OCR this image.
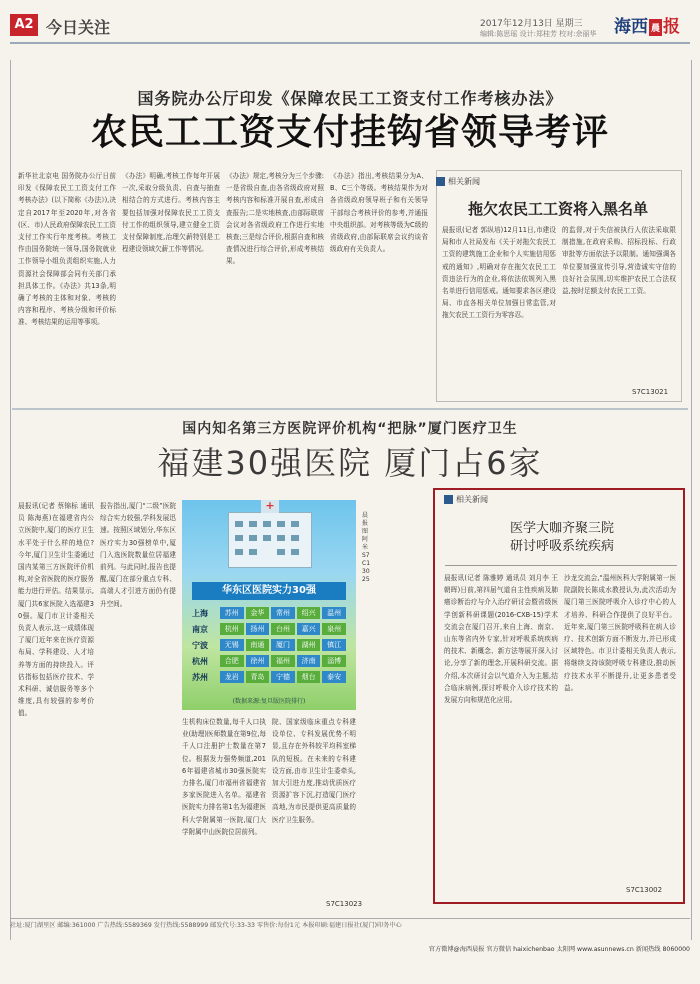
A2 今日关注	2017年12月13日 星期三
编辑:陈思瑶 设计:郑桂芳 校对:余丽华 海西 晨 报
国务院办公厅印发《保障农民工工资支付工作考核办法》
农民工工资支付挂钩省领导考评
新华社北京电 国务院办公厅日前印发《保障农民工工资支付工作考核办法》(以下简称《办法》),决定自2017年至2020年,对各省(区、市)人民政府保障农民工工资支付工作实行年度考核。考核工作由国务院统一领导,国务院就业工作领导小组负责组织实施,人力资源社会保障部会同有关部门承担具体工作。《办法》共13条,明确了考核的主体和对象、考核的内容和程序、考核分级和评价标准、考核结果的运用等事项。
《办法》明确,考核工作每年开展一次,采取分级负责、自查与抽查相结合的方式进行。考核内容主要包括加强对保障农民工工资支付工作的组织领导,建立健全工资支付保障制度,治理欠薪特别是工程建设领域欠薪工作等情况。
《办法》规定,考核分为三个步骤:一是省级自查,由各省级政府对照考核内容和标准开展自查,形成自查报告;二是实地核查,由部际联席会议对各省级政府工作进行实地核查;三是综合评价,根据自查和核查情况进行综合评价,形成考核结果。
《办法》指出,考核结果分为A、B、C三个等级。考核结果作为对各省级政府领导班子和有关领导干部综合考核评价的参考,并通报中央组织部。对考核等级为C级的省级政府,由部际联席会议约谈省级政府有关负责人。
相关新闻
拖欠农民工工资将入黑名单
晨报讯(记者 郭纵培)12月11日,市建设局和市人社局发布《关于对拖欠农民工工资的建筑施工企业和个人实施信用惩戒的通知》,明确对存在拖欠农民工工资违法行为的企业,将依法依规列入黑名单进行信用惩戒。通知要求各区建设局、市直各相关单位加强日常监管,对拖欠农民工工资行为零容忍。
的监督,对于失信被执行人依法采取限制措施,在政府采购、招标投标、行政审批等方面依法予以限制。通知强调各单位要加强宣传引导,营造诚实守信的良好社会氛围,切实维护农民工合法权益,按时足额支付农民工工资。
S7C13021
国内知名第三方医院评价机构“把脉”厦门医疗卫生
福建30强医院 厦门占6家
晨报讯(记者 蔡锦标 通讯员 陈海燕)在福建省内公立医院中,厦门的医疗卫生水平处于什么样的地位?今年,厦门卫生计生委通过国内某第三方医院评价机构,对全省医院的医疗服务能力进行评估。结果显示,厦门共6家医院入选福建30强。厦门市卫计委相关负责人表示,这一成绩体现了厦门近年来在医疗资源布局、学科建设、人才培养等方面的持续投入。评估指标包括医疗技术、学术科研、诚信服务等多个维度,具有较强的参考价值。
报告指出,厦门“二级”医院综合实力较强,学科发展迅速。按照区域划分,华东区医疗实力30强榜单中,厦门入选医院数量位居福建前列。与此同时,报告也提醒,厦门在部分重点专科、高端人才引进方面仍有提升空间。
生机构床位数量,每千人口执业(助理)医师数量在第9位,每千人口注册护士数量在第7位。根据发力强势频道,2016年福建省城市30强医院实力排名,厦门市福州省福建省多家医院进入名单。福建省医院实力排名第1名为福建医科大学附属第一医院,厦门大学附属中山医院位居前列。
院、国家级临床重点专科建设单位、专科发展优势不明显,且存在外科较平均科室梯队的短板。在未来的专科建设方面,由市卫生计生委牵头,加大引进力度,推动优质医疗资源扩容下沉,打造厦门医疗高地,为市民提供更高质量的医疗卫生服务。
S7C13023
+
华东区医院实力30强
上海	苏州	金华	常州	绍兴	温州
南京	杭州	扬州	台州	嘉兴	泉州
宁波	无锡	南通	厦门	湖州	镇江
杭州	合肥	徐州	福州	济南	淄博
苏州	龙岩	青岛	宁德	烟台	泰安
(数据来源:复旦版医院排行)
晨报图 阿米 S7C13025
相关新闻
医学大咖齐聚三院
研讨呼吸系统疾病
晨报讯(记者 陈雅婷 通讯员 刘月李 王朝晖)日前,第四届气道自主性疾病及肺癌诊断治疗与介入治疗研讨会暨省级医学创新科研课题(2016-CXB-15)学术交流会在厦门召开,来自上海、南京、山东等省内外专家,针对呼吸系统疾病的技术、新概念、新方法等展开深入讨论,分享了新的理念,开展科研交流。据介绍,本次研讨会以气道介入为主题,结合临床病例,探讨呼吸介入诊疗技术的发展方向和规范化应用。
沙龙交流会,“温州医科大学附属第一医院副院长陈成水教授认为,此次活动为厦门第三医院呼吸介入诊疗中心的人才培养、科研合作提供了良好平台。近年来,厦门第三医院呼吸科在病人诊疗、技术创新方面不断发力,并已形成区域特色。市卫计委相关负责人表示,将继续支持该院呼吸专科建设,推动医疗技术水平不断提升,让更多患者受益。
S7C13002
社址:厦门湖里区 邮编:361000 广告热线:5589369 发行热线:5588999 邮发代号:33-33 零售价:每份1元 本报印刷:福建日报社(厦门)印务中心
官方微博@海西晨报 官方微信 haixichenbao 太阳网 www.asunnews.cn 新闻热线 8060000
